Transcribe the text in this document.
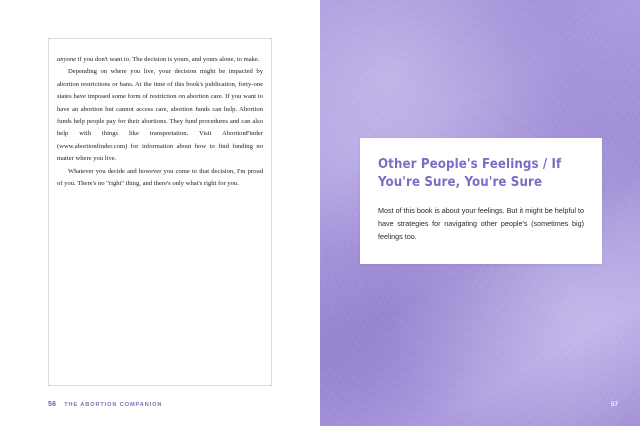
anyone if you don't want to. The decision is yours, and yours alone, to make.

Depending on where you live, your decision might be impacted by abortion restrictions or bans. At the time of this book's publication, forty-one states have imposed some form of restriction on abortion care. If you want to have an abortion but cannot access care, abortion funds can help. Abortion funds help people pay for their abortions. They fund procedures and can also help with things like transportation. Visit AbortionFinder (www.abortionfinder.com) for information about how to find funding no matter where you live.

Whatever you decide and however you come to that decision, I'm proud of you. There's no "right" thing, and there's only what's right for you.

56 THE ABORTION COMPANION
Other People's Feelings / If You're Sure, You're Sure

Most of this book is about your feelings. But it might be helpful to have strategies for navigating other people's (sometimes big) feelings too.

57
